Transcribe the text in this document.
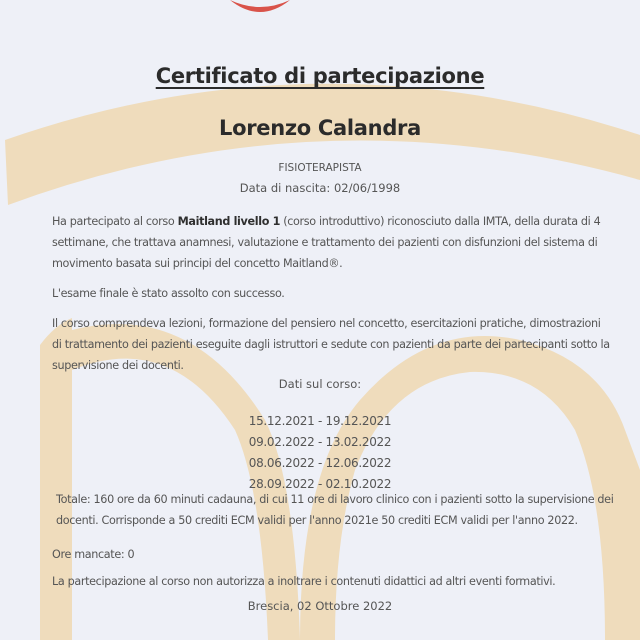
Certificato di partecipazione
Lorenzo Calandra
FISIOTERAPISTA
Data di nascita: 02/06/1998
Ha partecipato al corso Maitland livello 1 (corso introduttivo) riconosciuto dalla IMTA, della durata di 4 settimane, che trattava anamnesi, valutazione e trattamento dei pazienti con disfunzioni del sistema di movimento basata sui principi del concetto Maitland®.
L'esame finale è stato assolto con successo.
Il corso comprendeva lezioni, formazione del pensiero nel concetto, esercitazioni pratiche, dimostrazioni di trattamento dei pazienti eseguite dagli istruttori e sedute con pazienti da parte dei partecipanti sotto la supervisione dei docenti.
Dati sul corso:
15.12.2021 - 19.12.2021
09.02.2022 - 13.02.2022
08.06.2022 - 12.06.2022
28.09.2022 - 02.10.2022
Totale: 160 ore da 60 minuti cadauna, di cui 11 ore di lavoro clinico con i pazienti sotto la supervisione dei docenti. Corrisponde a 50 crediti ECM validi per l'anno 2021e 50 crediti ECM validi per l'anno 2022.
Ore mancate: 0
La partecipazione al corso non autorizza a inoltrare i contenuti didattici ad altri eventi formativi.
Brescia, 02 Ottobre 2022
